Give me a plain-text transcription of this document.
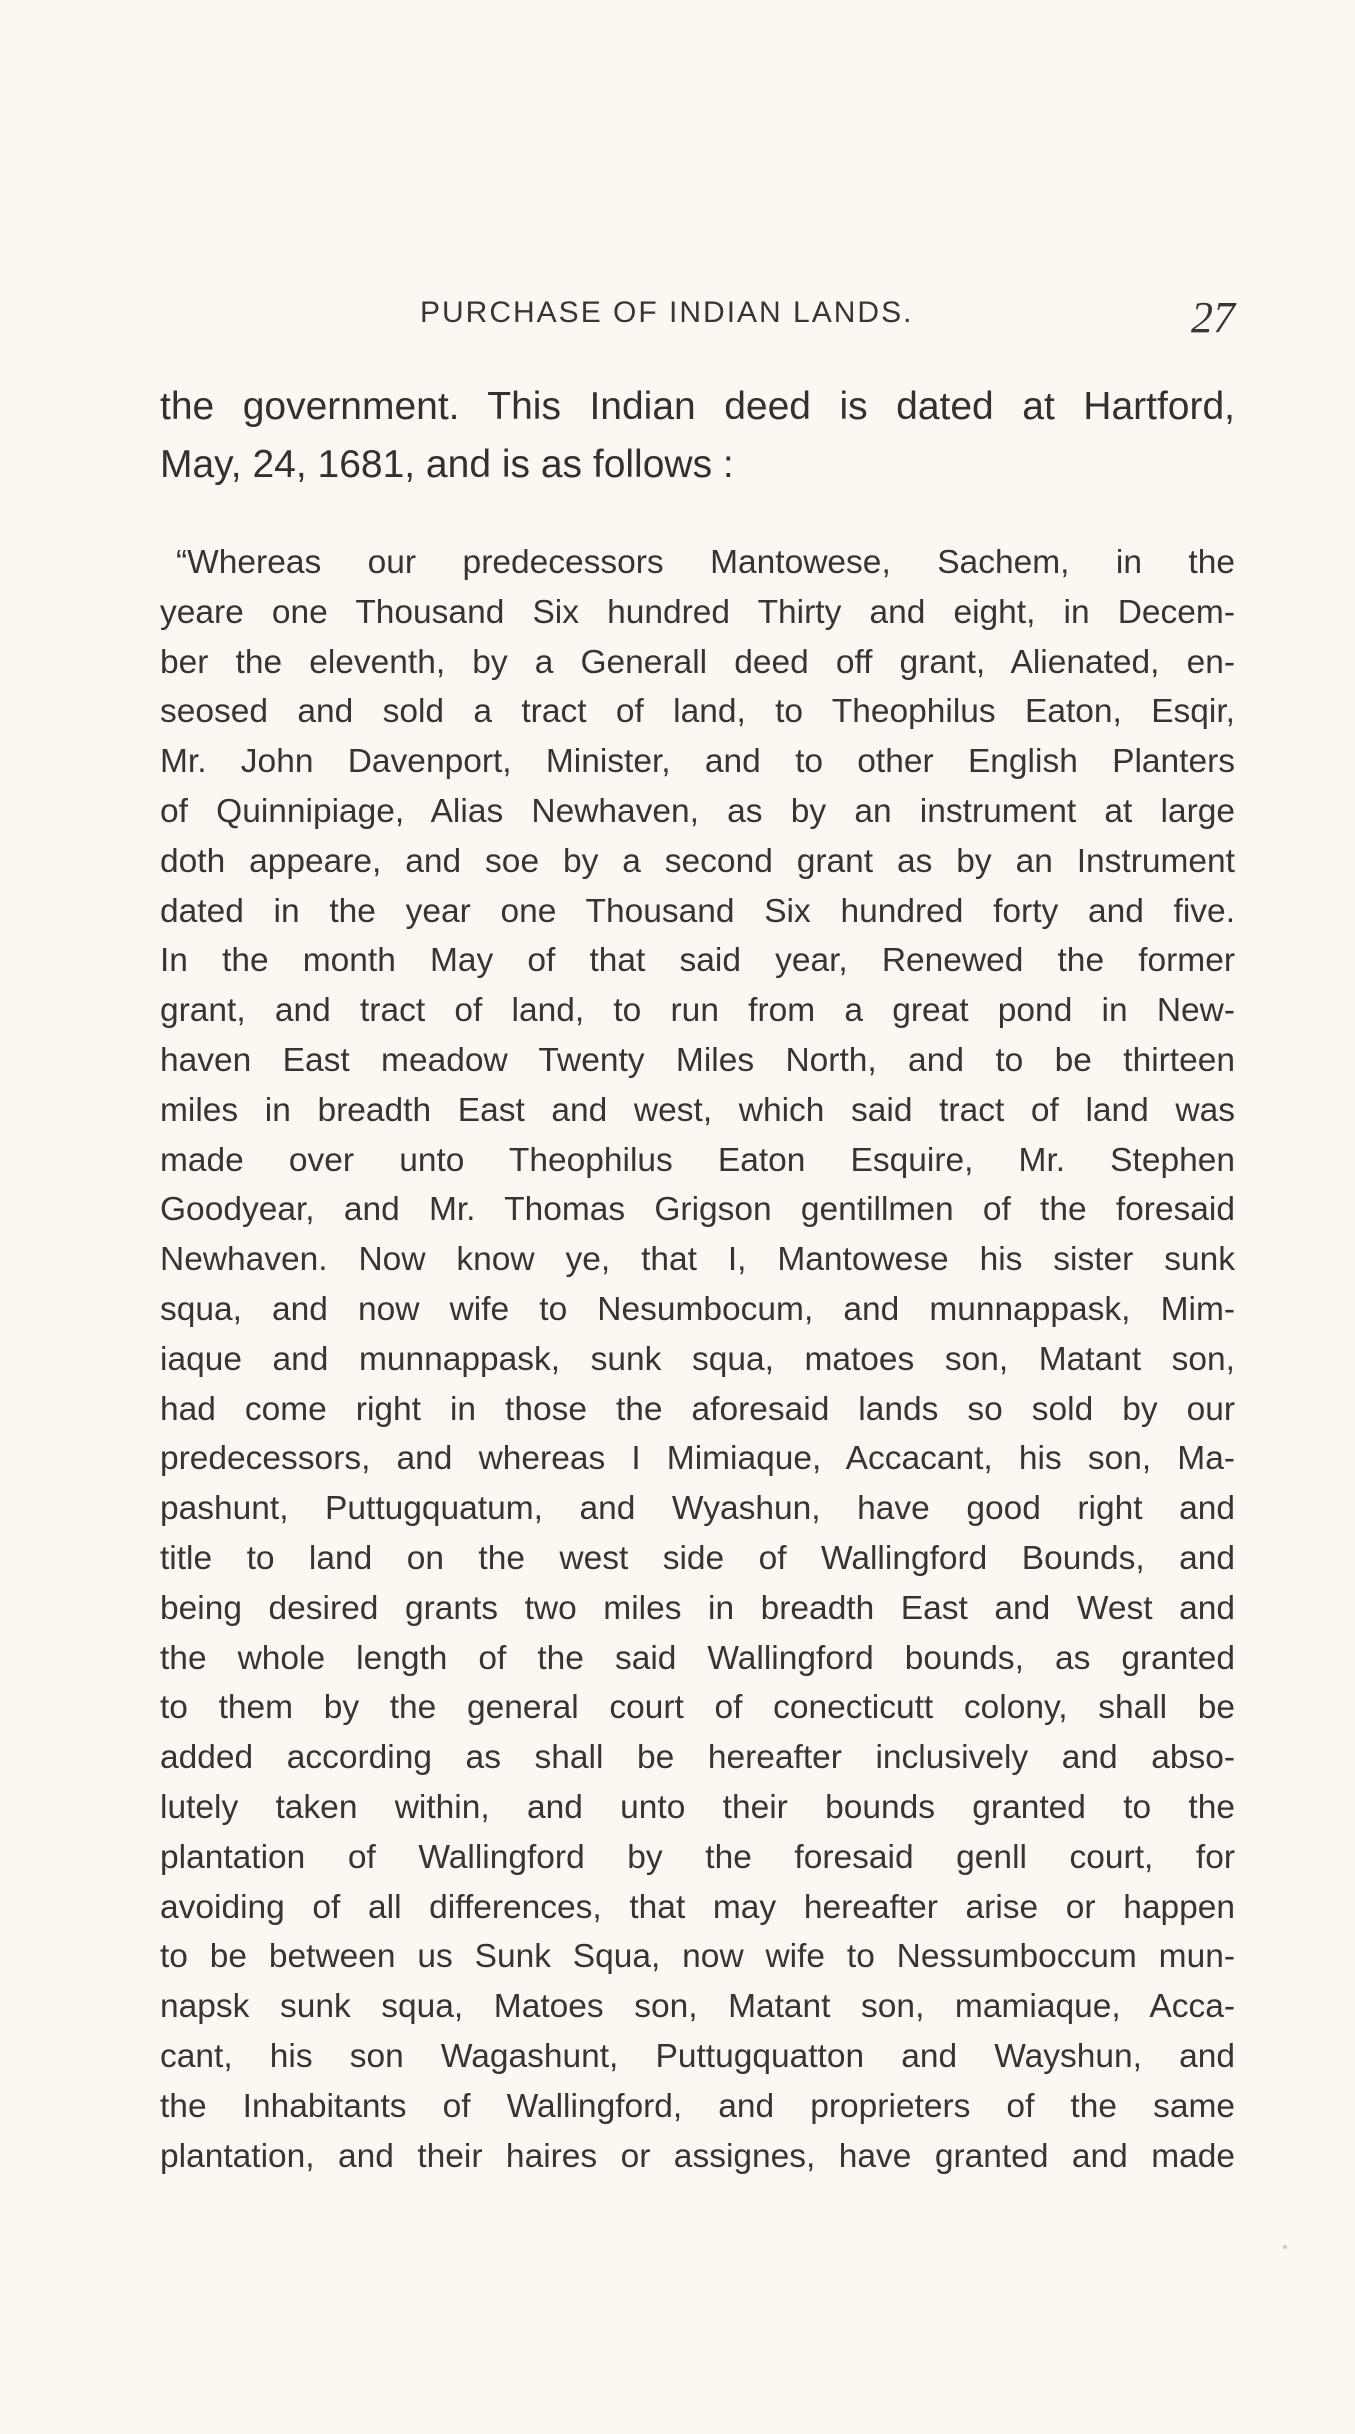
PURCHASE OF INDIAN LANDS.	27
the government. This Indian deed is dated at Hartford,
May, 24, 1681, and is as follows :
“Whereas our predecessors Mantowese, Sachem, in the
yeare one Thousand Six hundred Thirty and eight, in Decem-
ber the eleventh, by a Generall deed off grant, Alienated, en-
seosed and sold a tract of land, to Theophilus Eaton, Esqir,
Mr. John Davenport, Minister, and to other English Planters
of Quinnipiage, Alias Newhaven, as by an instrument at large
doth appeare, and soe by a second grant as by an Instrument
dated in the year one Thousand Six hundred forty and five.
In the month May of that said year, Renewed the former
grant, and tract of land, to run from a great pond in New-
haven East meadow Twenty Miles North, and to be thirteen
miles in breadth East and west, which said tract of land was
made over unto Theophilus Eaton Esquire, Mr. Stephen
Goodyear, and Mr. Thomas Grigson gentillmen of the foresaid
Newhaven. Now know ye, that I, Mantowese his sister sunk
squa, and now wife to Nesumbocum, and munnappask, Mim-
iaque and munnappask, sunk squa, matoes son, Matant son,
had come right in those the aforesaid lands so sold by our
predecessors, and whereas I Mimiaque, Accacant, his son, Ma-
pashunt, Puttugquatum, and Wyashun, have good right and
title to land on the west side of Wallingford Bounds, and
being desired grants two miles in breadth East and West and
the whole length of the said Wallingford bounds, as granted
to them by the general court of conecticutt colony, shall be
added according as shall be hereafter inclusively and abso-
lutely taken within, and unto their bounds granted to the
plantation of Wallingford by the foresaid genll court, for
avoiding of all differences, that may hereafter arise or happen
to be between us Sunk Squa, now wife to Nessumboccum mun-
napsk sunk squa, Matoes son, Matant son, mamiaque, Acca-
cant, his son Wagashunt, Puttugquatton and Wayshun, and
the Inhabitants of Wallingford, and proprieters of the same
plantation, and their haires or assignes, have granted and made
